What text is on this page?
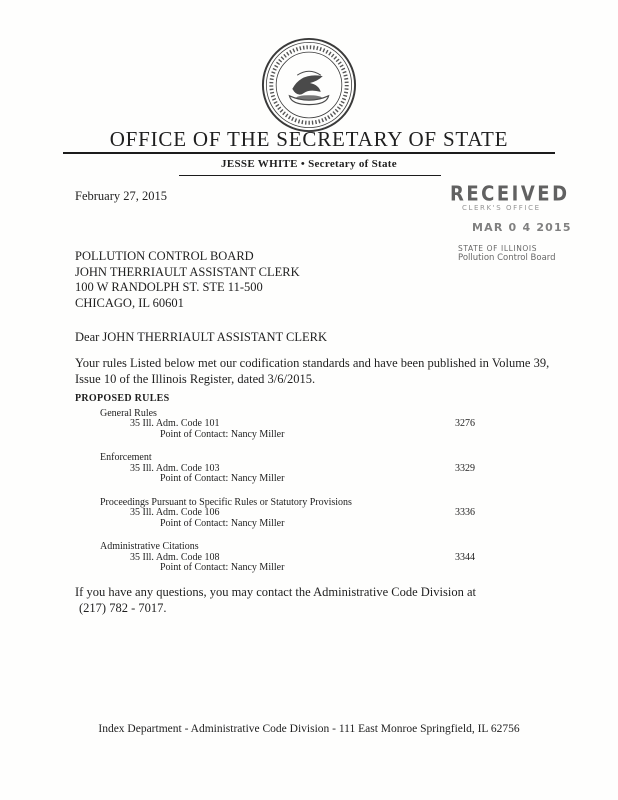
OFFICE OF THE SECRETARY OF STATE
JESSE WHITE • Secretary of State
February 27, 2015	RECEIVED
CLERK'S OFFICE
MAR 0 4 2015
STATE OF ILLINOIS
Pollution Control Board
POLLUTION CONTROL BOARD
JOHN THERRIAULT ASSISTANT CLERK
100 W RANDOLPH ST. STE 11-500
CHICAGO, IL 60601
Dear JOHN THERRIAULT ASSISTANT CLERK

Your rules Listed below met our codification standards and have been published in Volume 39, Issue 10 of the Illinois Register, dated 3/6/2015.

PROPOSED RULES
General Rules
35 Ill. Adm. Code 101
Point of Contact: Nancy Miller
3276
Enforcement
35 Ill. Adm. Code 103
Point of Contact: Nancy Miller
3329
Proceedings Pursuant to Specific Rules or Statutory Provisions
35 Ill. Adm. Code 106
Point of Contact: Nancy Miller
3336
Administrative Citations
35 Ill. Adm. Code 108
Point of Contact: Nancy Miller
3344
If you have any questions, you may contact the Administrative Code Division at
(217) 782 - 7017.
Index Department - Administrative Code Division - 111 East Monroe Springfield, IL 62756
